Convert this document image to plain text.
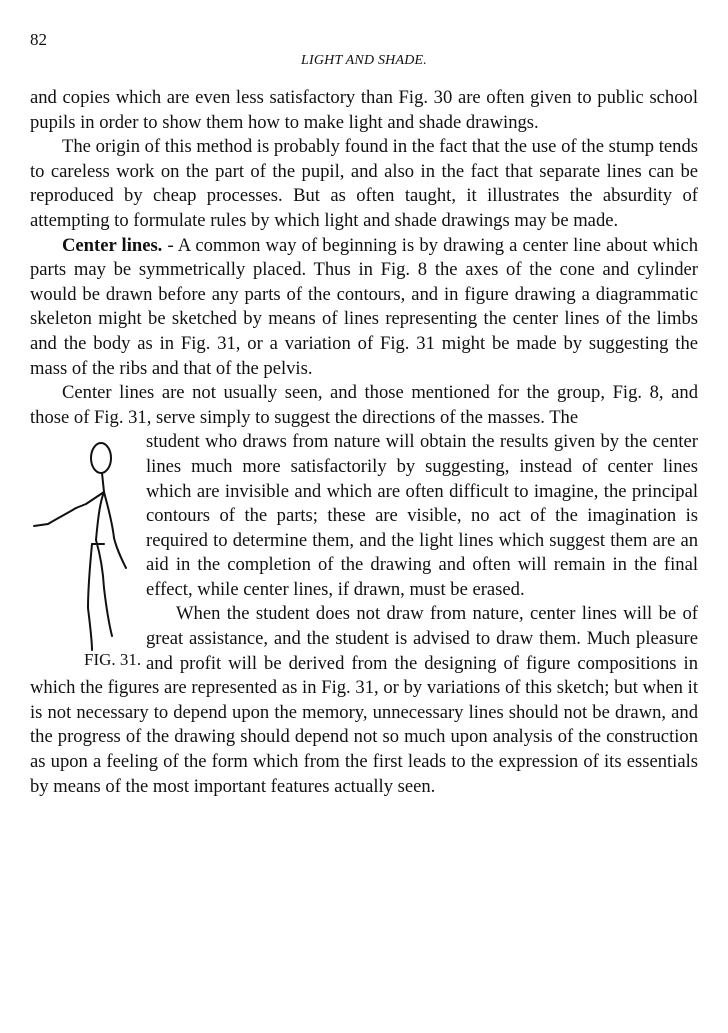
82
LIGHT AND SHADE.

and copies which are even less satisfactory than Fig. 30 are often given to public school pupils in order to show them how to make light and shade drawings.

The origin of this method is probably found in the fact that the use of the stump tends to careless work on the part of the pupil, and also in the fact that separate lines can be reproduced by cheap processes. But as often taught, it illustrates the absurdity of attempting to formulate rules by which light and shade drawings may be made.

Center lines. - A common way of beginning is by drawing a center line about which parts may be symmetrically placed. Thus in Fig. 8 the axes of the cone and cylinder would be drawn before any parts of the contours, and in figure drawing a diagrammatic skeleton might be sketched by means of lines representing the center lines of the limbs and the body as in Fig. 31, or a variation of Fig. 31 might be made by suggesting the mass of the ribs and that of the pelvis.

Center lines are not usually seen, and those mentioned for the group, Fig. 8, and those of Fig. 31, serve simply to suggest the directions of the masses. The

FIG. 31.
student who draws from nature will obtain the results given by the center lines much more satisfactorily by suggesting, instead of center lines which are invisible and which are often difficult to imagine, the principal contours of the parts; these are visible, no act of the imagination is required to determine them, and the light lines which suggest them are an aid in the completion of the drawing and often will remain in the final effect, while center lines, if drawn, must be erased.

When the student does not draw from nature, center lines will be of great assistance, and the student is advised to draw them. Much pleasure and profit will be derived from the designing of figure compositions in which the figures are represented as in Fig. 31, or by variations of this sketch; but when it is not necessary to depend upon the memory, unnecessary lines should not be drawn, and the progress of the drawing should depend not so much upon analysis of the construction as upon a feeling of the form which from the first leads to the expression of its essentials by means of the most important features actually seen.
